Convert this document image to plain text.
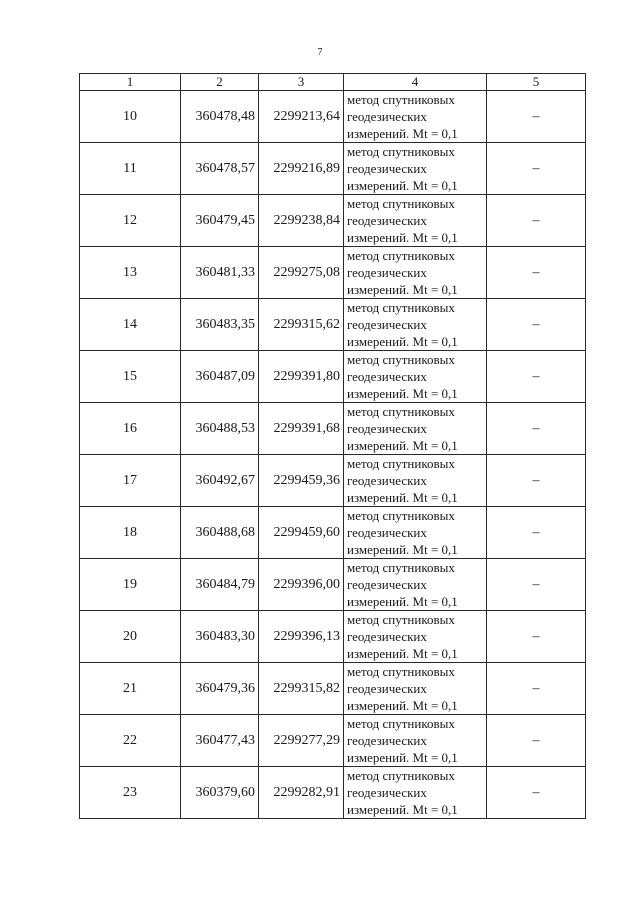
7
1	2	3	4	5
10	360478,48	2299213,64	метод спутниковых
геодезических
измерений. Mt = 0,1	–
11	360478,57	2299216,89	метод спутниковых
геодезических
измерений. Mt = 0,1	–
12	360479,45	2299238,84	метод спутниковых
геодезических
измерений. Mt = 0,1	–
13	360481,33	2299275,08	метод спутниковых
геодезических
измерений. Mt = 0,1	–
14	360483,35	2299315,62	метод спутниковых
геодезических
измерений. Mt = 0,1	–
15	360487,09	2299391,80	метод спутниковых
геодезических
измерений. Mt = 0,1	–
16	360488,53	2299391,68	метод спутниковых
геодезических
измерений. Mt = 0,1	–
17	360492,67	2299459,36	метод спутниковых
геодезических
измерений. Mt = 0,1	–
18	360488,68	2299459,60	метод спутниковых
геодезических
измерений. Mt = 0,1	–
19	360484,79	2299396,00	метод спутниковых
геодезических
измерений. Mt = 0,1	–
20	360483,30	2299396,13	метод спутниковых
геодезических
измерений. Mt = 0,1	–
21	360479,36	2299315,82	метод спутниковых
геодезических
измерений. Mt = 0,1	–
22	360477,43	2299277,29	метод спутниковых
геодезических
измерений. Mt = 0,1	–
23	360379,60	2299282,91	метод спутниковых
геодезических
измерений. Mt = 0,1	–
